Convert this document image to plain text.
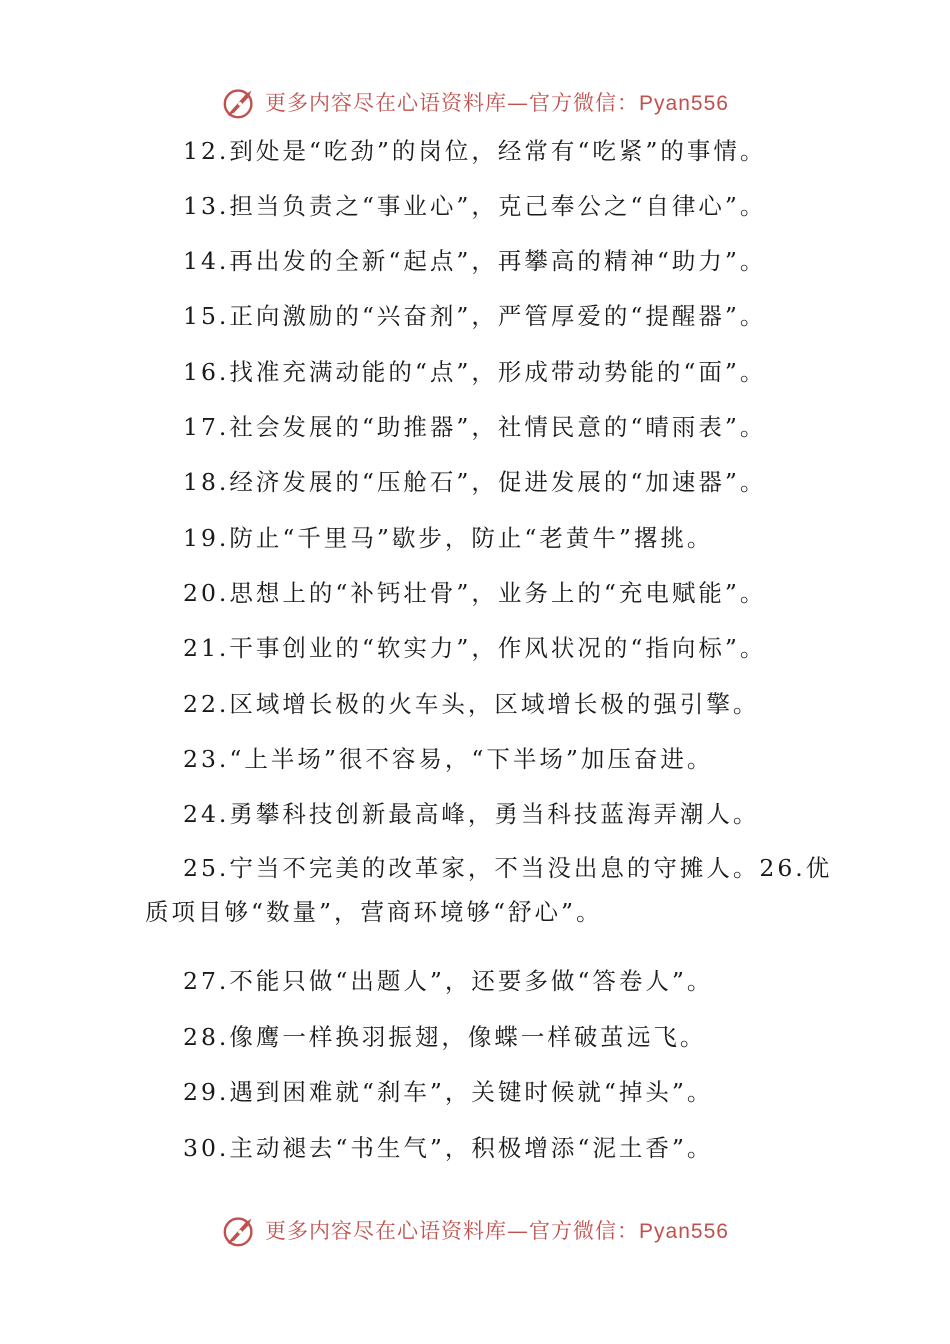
更多内容尽在心语资料库—官方微信：Pyan556
12.到处是“吃劲”的岗位，经常有“吃紧”的事情。
13.担当负责之“事业心”，克己奉公之“自律心”。
14.再出发的全新“起点”，再攀高的精神“助力”。
15.正向激励的“兴奋剂”，严管厚爱的“提醒器”。
16.找准充满动能的“点”，形成带动势能的“面”。
17.社会发展的“助推器”，社情民意的“晴雨表”。
18.经济发展的“压舱石”，促进发展的“加速器”。
19.防止“千里马”歇步，防止“老黄牛”撂挑。
20.思想上的“补钙壮骨”，业务上的“充电赋能”。
21.干事创业的“软实力”，作风状况的“指向标”。
22.区域增长极的火车头，区域增长极的强引擎。
23.“上半场”很不容易，“下半场”加压奋进。
24.勇攀科技创新最高峰，勇当科技蓝海弄潮人。
25.宁当不完美的改革家，不当没出息的守摊人。26.优
质项目够“数量”，营商环境够“舒心”。
27.不能只做“出题人”，还要多做“答卷人”。
28.像鹰一样换羽振翅，像蝶一样破茧远飞。
29.遇到困难就“刹车”，关键时候就“掉头”。
30.主动褪去“书生气”，积极增添“泥土香”。
更多内容尽在心语资料库—官方微信：Pyan556
